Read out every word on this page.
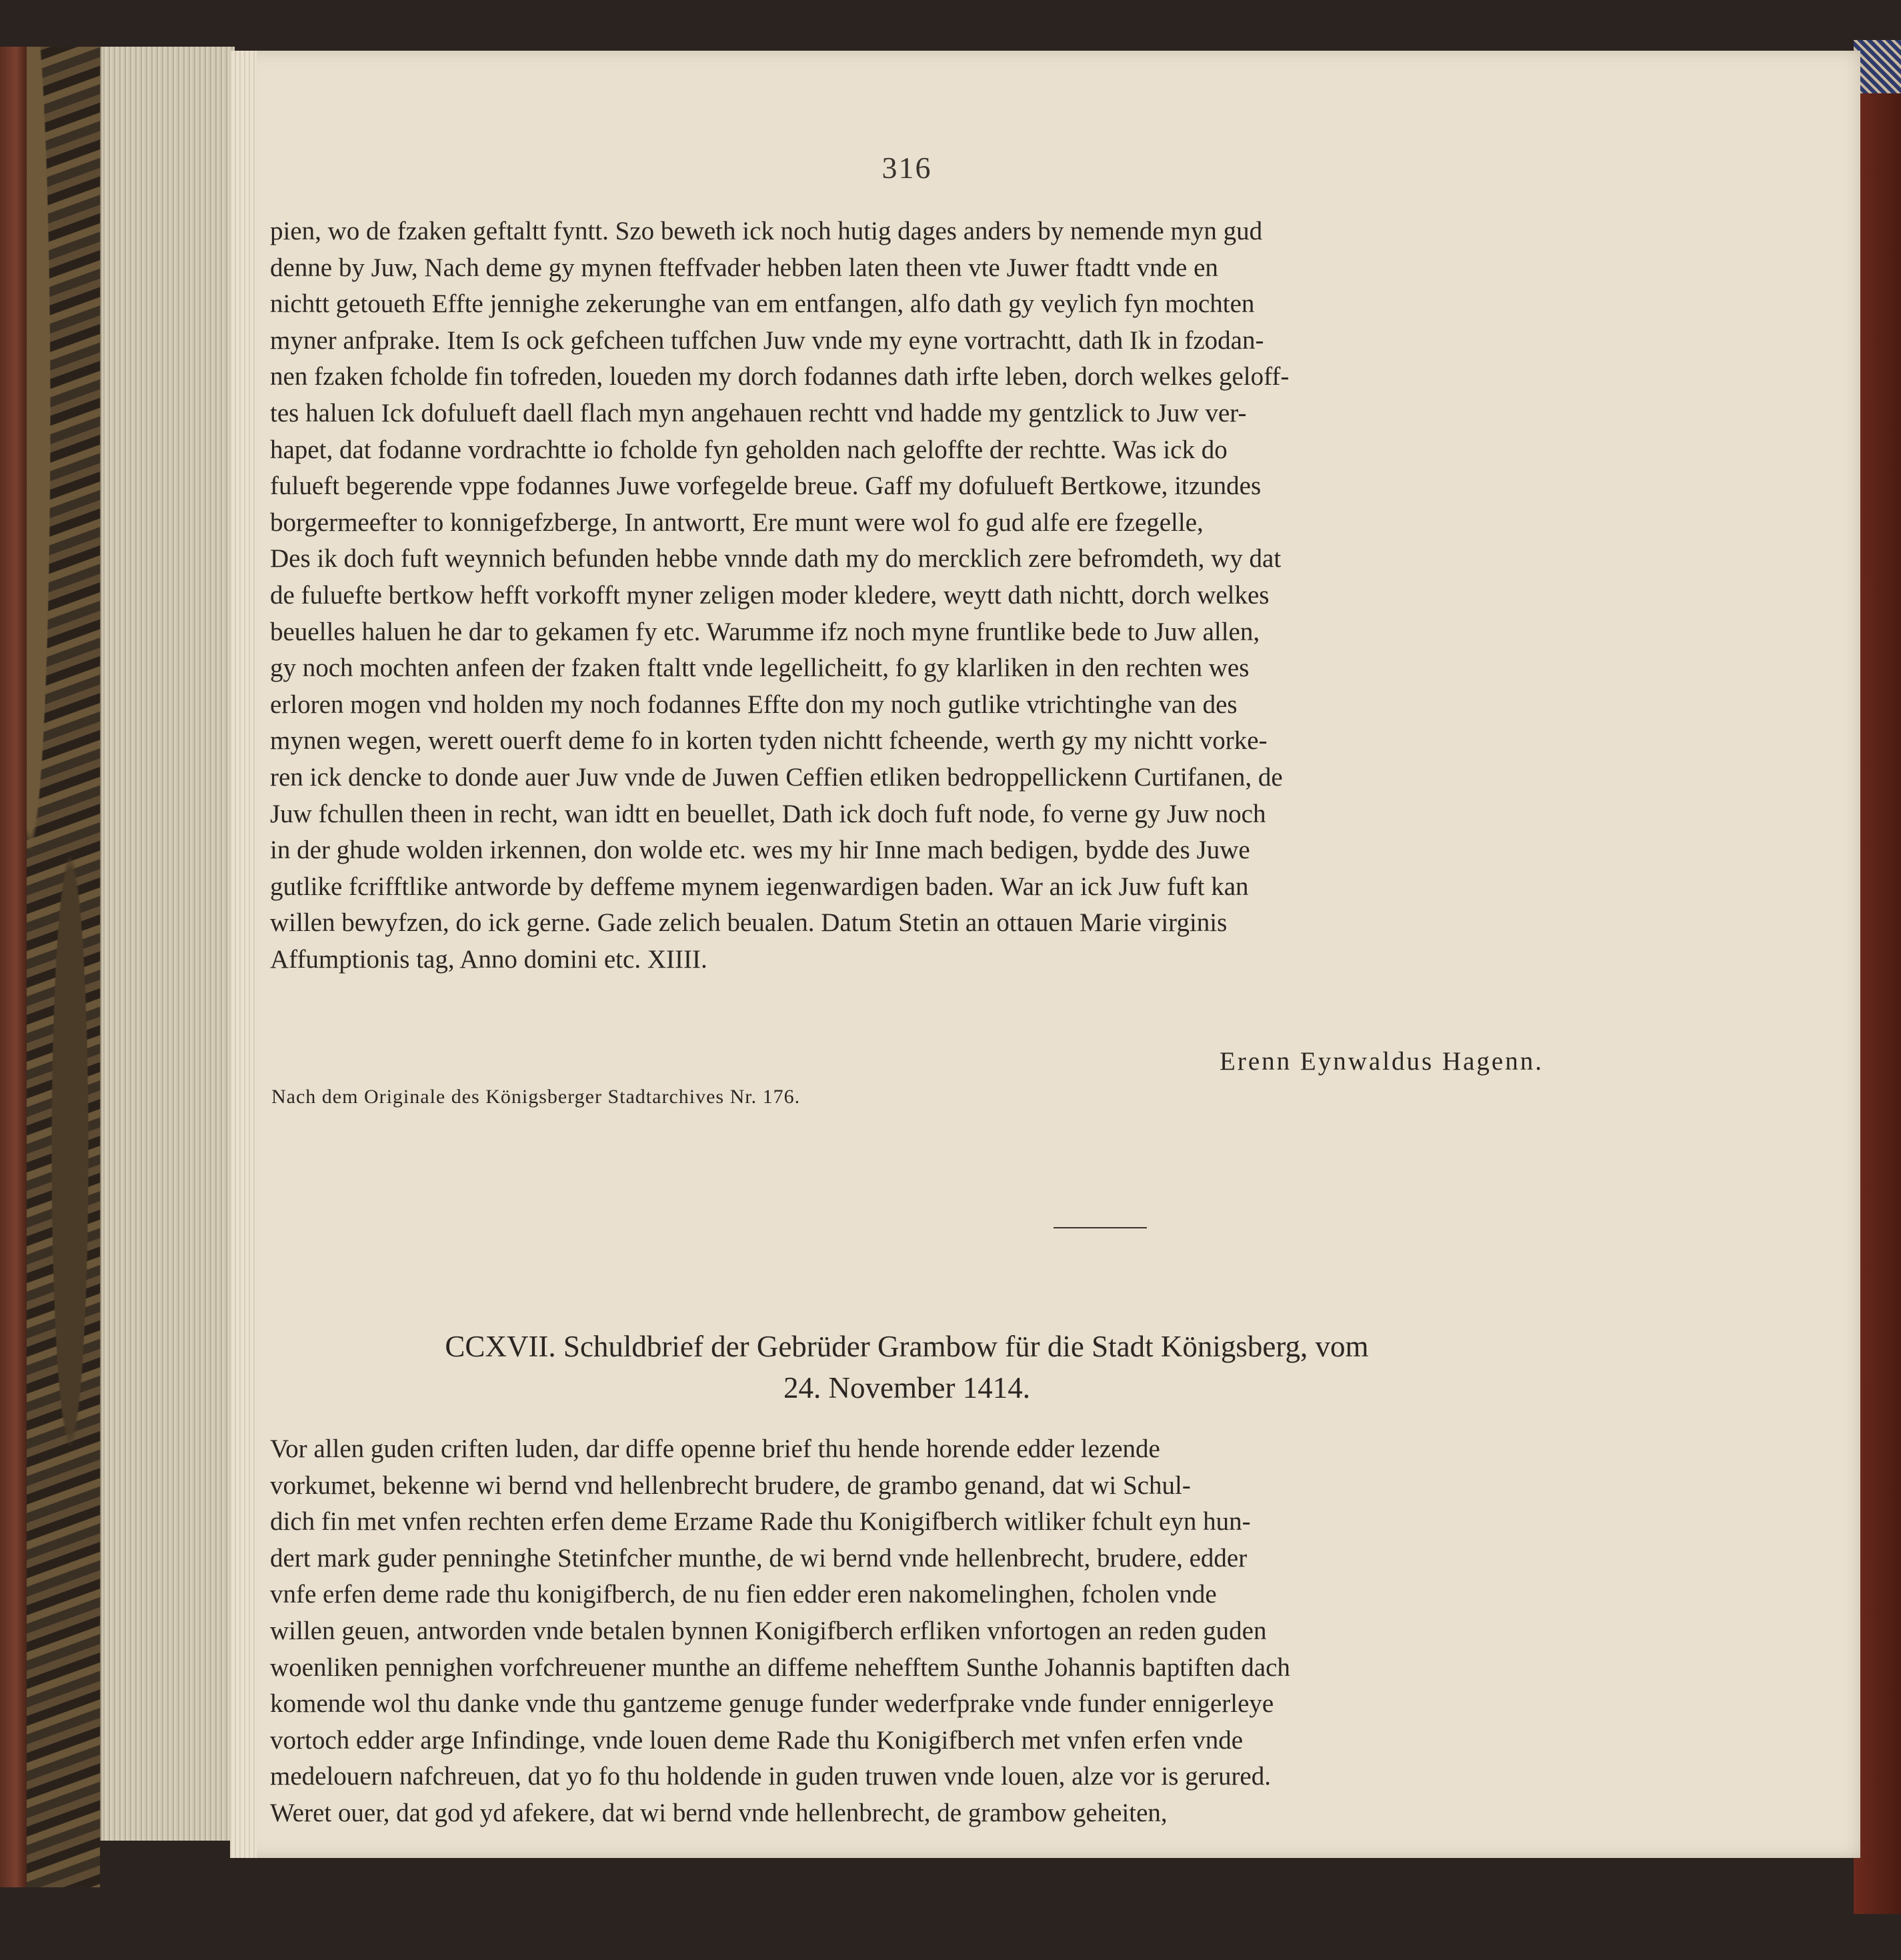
316
pien, wo de fzaken geftaltt fyntt. Szo beweth ick noch hutig dages anders by nemende myn gud
denne by Juw, Nach deme gy mynen fteffvader hebben laten theen vte Juwer ftadtt vnde en
nichtt getoueth Effte jennighe zekerunghe van em entfangen, alfo dath gy veylich fyn mochten
myner anfprake. Item Is ock gefcheen tuffchen Juw vnde my eyne vortrachtt, dath Ik in fzodan-
nen fzaken fcholde fin tofreden, loueden my dorch fodannes dath irfte leben, dorch welkes geloff-
tes haluen Ick dofulueft daell flach myn angehauen rechtt vnd hadde my gentzlick to Juw ver-
hapet, dat fodanne vordrachtte io fcholde fyn geholden nach geloffte der rechtte. Was ick do
fulueft begerende vppe fodannes Juwe vorfegelde breue. Gaff my dofulueft Bertkowe, itzundes
borgermeefter to konnigefzberge, In antwortt, Ere munt were wol fo gud alfe ere fzegelle,
Des ik doch fuft weynnich befunden hebbe vnnde dath my do mercklich zere befromdeth, wy dat
de fuluefte bertkow hefft vorkofft myner zeligen moder kledere, weytt dath nichtt, dorch welkes
beuelles haluen he dar to gekamen fy etc. Warumme ifz noch myne fruntlike bede to Juw allen,
gy noch mochten anfeen der fzaken ftaltt vnde legellicheitt, fo gy klarliken in den rechten wes
erloren mogen vnd holden my noch fodannes Effte don my noch gutlike vtrichtinghe van des
mynen wegen, werett ouerft deme fo in korten tyden nichtt fcheende, werth gy my nichtt vorke-
ren ick dencke to donde auer Juw vnde de Juwen Ceffien etliken bedroppellickenn Curtifanen, de
Juw fchullen theen in recht, wan idtt en beuellet, Dath ick doch fuft node, fo verne gy Juw noch
in der ghude wolden irkennen, don wolde etc. wes my hir Inne mach bedigen, bydde des Juwe
gutlike fcrifftlike antworde by deffeme mynem iegenwardigen baden. War an ick Juw fuft kan
willen bewyfzen, do ick gerne. Gade zelich beualen. Datum Stetin an ottauen Marie virginis
Affumptionis tag, Anno domini etc. XIIII.
Erenn Eynwaldus Hagenn.
Nach dem Originale des Königsberger Stadtarchives Nr. 176.
CCXVII. Schuldbrief der Gebrüder Grambow für die Stadt Königsberg, vom
24. November 1414.
Vor allen guden criften luden, dar diffe openne brief thu hende horende edder lezende
vorkumet, bekenne wi bernd vnd hellenbrecht brudere, de grambo genand, dat wi Schul-
dich fin met vnfen rechten erfen deme Erzame Rade thu Konigifberch witliker fchult eyn hun-
dert mark guder penninghe Stetinfcher munthe, de wi bernd vnde hellenbrecht, brudere, edder
vnfe erfen deme rade thu konigifberch, de nu fien edder eren nakomelinghen, fcholen vnde
willen geuen, antworden vnde betalen bynnen Konigifberch erfliken vnfortogen an reden guden
woenliken pennighen vorfchreuener munthe an diffeme nehefftem Sunthe Johannis baptiften dach
komende wol thu danke vnde thu gantzeme genuge funder wederfprake vnde funder ennigerleye
vortoch edder arge Infindinge, vnde louen deme Rade thu Konigifberch met vnfen erfen vnde
medelouern nafchreuen, dat yo fo thu holdende in guden truwen vnde louen, alze vor is gerured.
Weret ouer, dat god yd afekere, dat wi bernd vnde hellenbrecht, de grambow geheiten,
